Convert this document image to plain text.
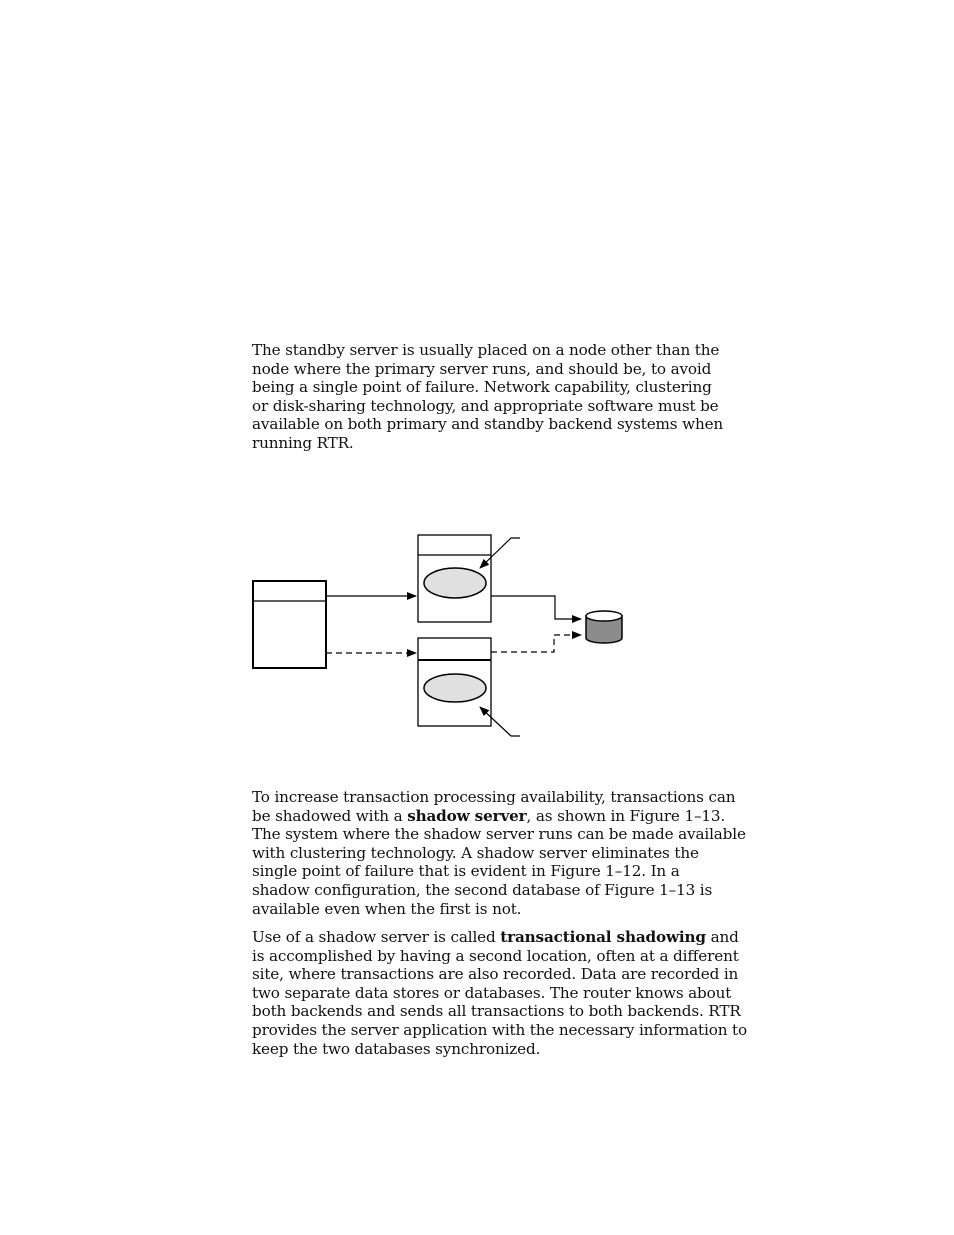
The standby server is usually placed on a node other than the
node where the primary server runs, and should be, to avoid
being a single point of failure. Network capability, clustering
or disk-sharing technology, and appropriate software must be
available on both primary and standby backend systems when
running RTR.
To increase transaction processing availability, transactions can
be shadowed with a shadow server, as shown in Figure 1–13.
The system where the shadow server runs can be made available
with clustering technology. A shadow server eliminates the
single point of failure that is evident in Figure 1–12. In a
shadow configuration, the second database of Figure 1–13 is
available even when the first is not.
Use of a shadow server is called transactional shadowing and
is accomplished by having a second location, often at a different
site, where transactions are also recorded. Data are recorded in
two separate data stores or databases. The router knows about
both backends and sends all transactions to both backends. RTR
provides the server application with the necessary information to
keep the two databases synchronized.
